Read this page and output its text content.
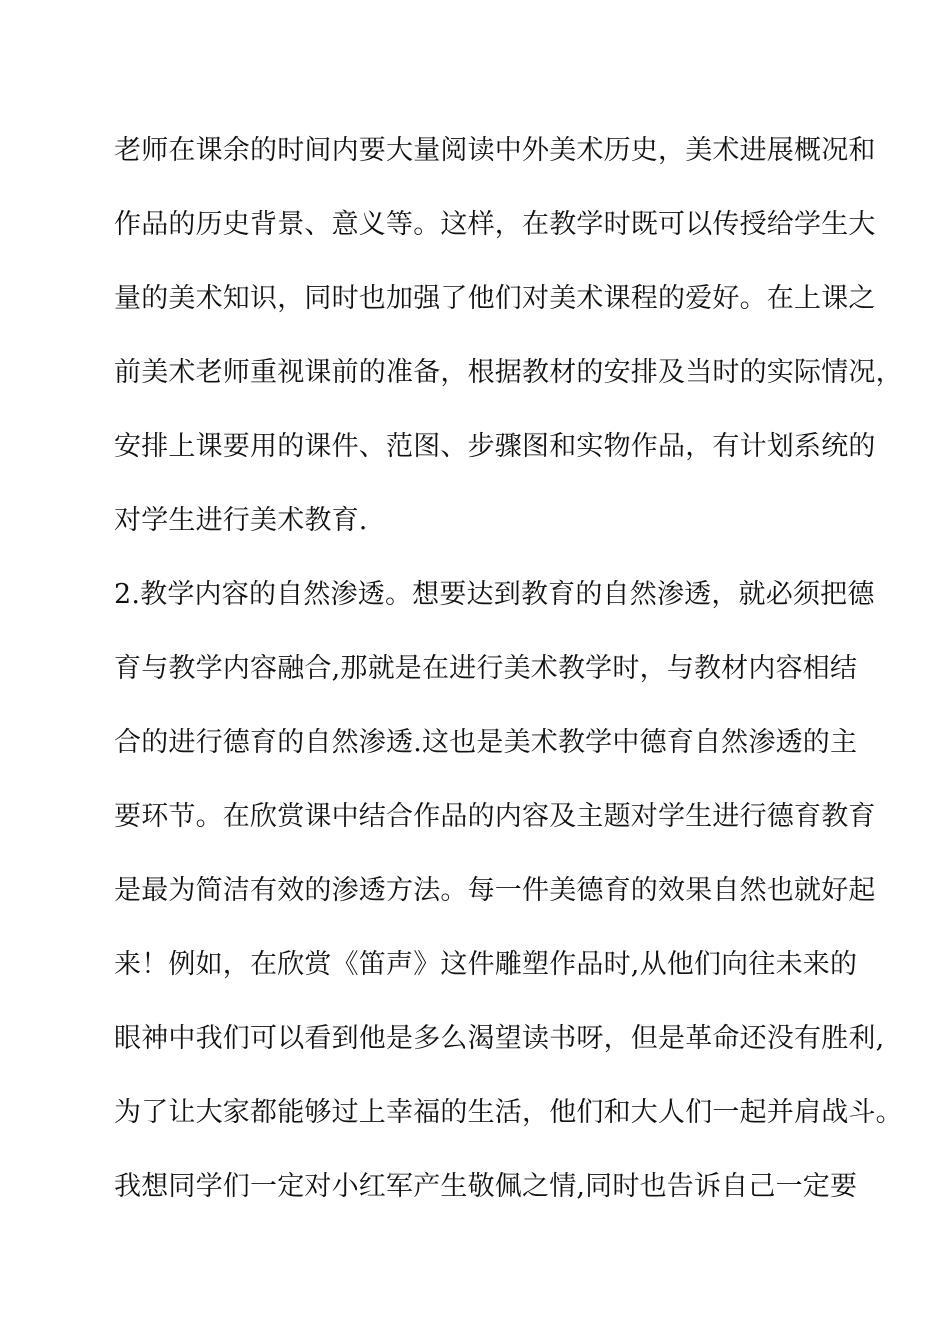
老师在课余的时间内要大量阅读中外美术历史，美术进展概况和
作品的历史背景、意义等。这样，在教学时既可以传授给学生大
量的美术知识，同时也加强了他们对美术课程的爱好。在上课之
前美术老师重视课前的准备，根据教材的安排及当时的实际情况，
安排上课要用的课件、范图、步骤图和实物作品，有计划系统的
对学生进行美术教育.
2.教学内容的自然渗透。想要达到教育的自然渗透，就必须把德
育与教学内容融合,那就是在进行美术教学时，与教材内容相结
合的进行德育的自然渗透.这也是美术教学中德育自然渗透的主
要环节。在欣赏课中结合作品的内容及主题对学生进行德育教育
是最为简洁有效的渗透方法。每一件美德育的效果自然也就好起
来！例如，在欣赏《笛声》这件雕塑作品时,从他们向往未来的
眼神中我们可以看到他是多么渴望读书呀，但是革命还没有胜利,
为了让大家都能够过上幸福的生活，他们和大人们一起并肩战斗。
我想同学们一定对小红军产生敬佩之情,同时也告诉自己一定要
